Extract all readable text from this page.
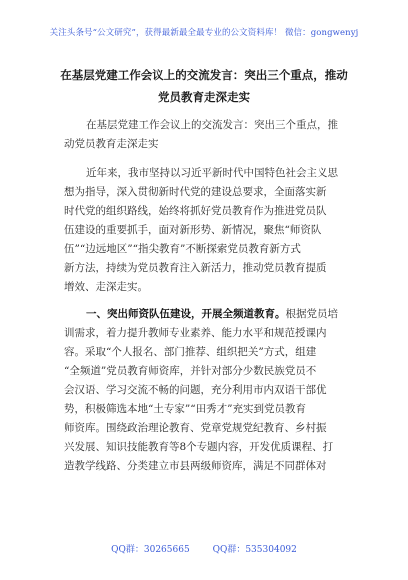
关注头条号“公文研究”，获得最新最全最专业的公文资料库！ 微信：gongwenyj
在基层党建工作会议上的交流发言：突出三个重点，推动
党员教育走深走实
在基层党建工作会议上的交流发言：突出三个重点，推
动党员教育走深走实
近年来，我市坚持以习近平新时代中国特色社会主义思
想为指导，深入贯彻新时代党的建设总要求，全面落实新
时代党的组织路线，始终将抓好党员教育作为推进党员队
伍建设的重要抓手，面对新形势、新情况，聚焦“师资队
伍”“边远地区”“指尖教育”不断探索党员教育新方式
新方法，持续为党员教育注入新活力，推动党员教育提质
增效、走深走实。
一、突出师资队伍建设，开展全频道教育。根据党员培
训需求，着力提升教师专业素养、能力水平和规范授课内
容。采取“个人报名、部门推荐、组织把关”方式，组建
“全频道”党员教育师资库，并针对部分少数民族党员不
会汉语、学习交流不畅的问题，充分利用市内双语干部优
势，积极筛选本地“土专家”“田秀才”充实到党员教育
师资库。围绕政治理论教育、党章党规党纪教育、乡村振
兴发展、知识技能教育等8个专题内容，开发优质课程、打
造教学线路、分类建立市县两级师资库，满足不同群体对
QQ群：30265665	QQ群：535304092
